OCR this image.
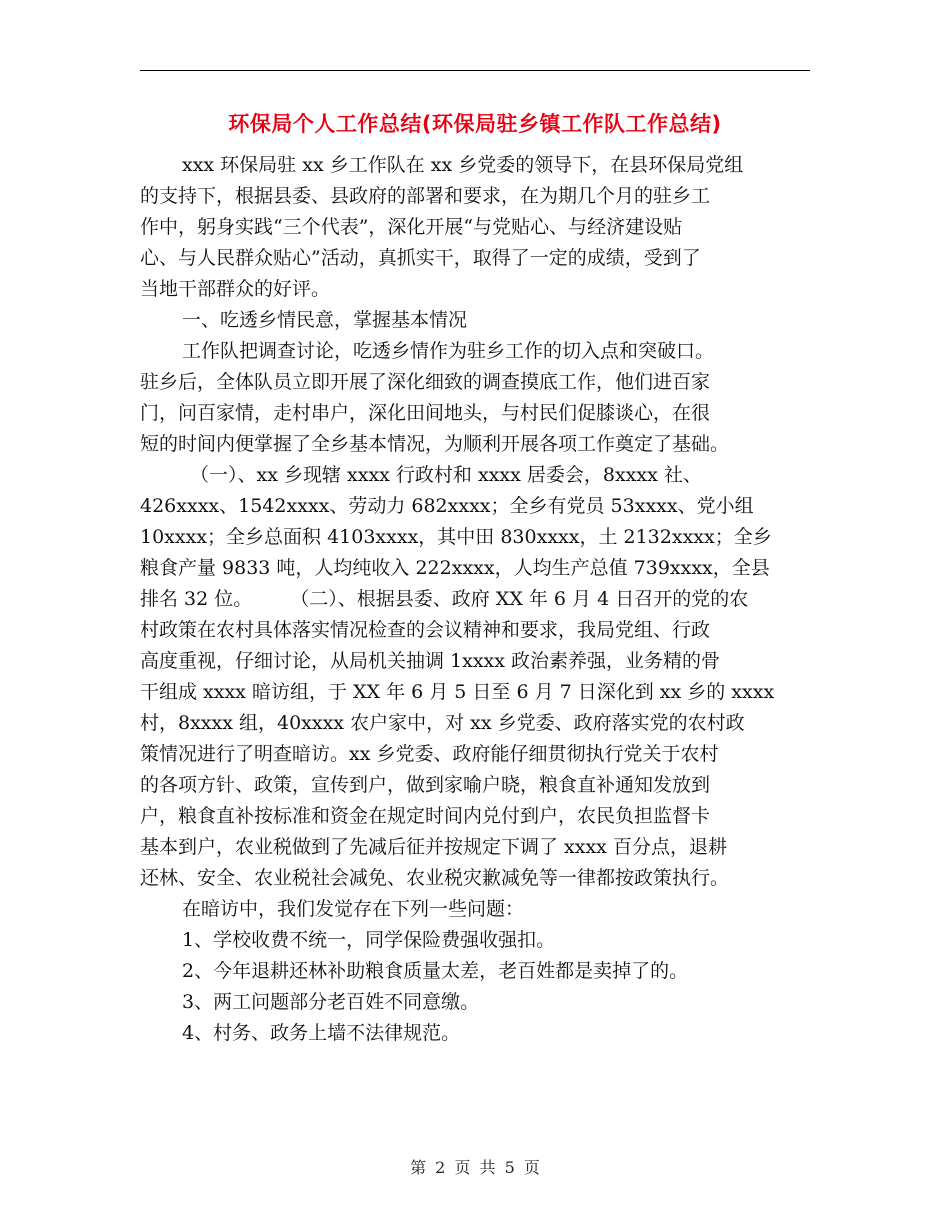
环保局个人工作总结(环保局驻乡镇工作队工作总结)
xxx 环保局驻 xx 乡工作队在 xx 乡党委的领导下，在县环保局党组
的支持下，根据县委、县政府的部署和要求，在为期几个月的驻乡工
作中，躬身实践“三个代表”，深化开展“与党贴心、与经济建设贴
心、与人民群众贴心”活动，真抓实干，取得了一定的成绩，受到了
当地干部群众的好评。
一、吃透乡情民意，掌握基本情况
工作队把调查讨论，吃透乡情作为驻乡工作的切入点和突破口。
驻乡后，全体队员立即开展了深化细致的调查摸底工作，他们进百家
门，问百家情，走村串户，深化田间地头，与村民们促膝谈心，在很
短的时间内便掌握了全乡基本情况，为顺利开展各项工作奠定了基础。
（一）、xx 乡现辖 xxxx 行政村和 xxxx 居委会，8xxxx 社、
426xxxx、1542xxxx、劳动力 682xxxx；全乡有党员 53xxxx、党小组
10xxxx；全乡总面积 4103xxxx，其中田 830xxxx，土 2132xxxx；全乡
粮食产量 9833 吨，人均纯收入 222xxxx，人均生产总值 739xxxx，全县
排名 32 位。　　　（二）、根据县委、政府 XX 年 6 月 4 日召开的党的农
村政策在农村具体落实情况检查的会议精神和要求，我局党组、行政
高度重视，仔细讨论，从局机关抽调 1xxxx 政治素养强，业务精的骨
干组成 xxxx 暗访组，于 XX 年 6 月 5 日至 6 月 7 日深化到 xx 乡的 xxxx
村，8xxxx 组，40xxxx 农户家中，对 xx 乡党委、政府落实党的农村政
策情况进行了明查暗访。xx 乡党委、政府能仔细贯彻执行党关于农村
的各项方针、政策，宣传到户，做到家喻户晓，粮食直补通知发放到
户，粮食直补按标准和资金在规定时间内兑付到户，农民负担监督卡
基本到户，农业税做到了先减后征并按规定下调了 xxxx 百分点，退耕
还林、安全、农业税社会减免、农业税灾歉减免等一律都按政策执行。
在暗访中，我们发觉存在下列一些问题：
1、学校收费不统一，同学保险费强收强扣。
2、今年退耕还林补助粮食质量太差，老百姓都是卖掉了的。
3、两工问题部分老百姓不同意缴。
4、村务、政务上墙不法律规范。
第 2 页 共 5 页
